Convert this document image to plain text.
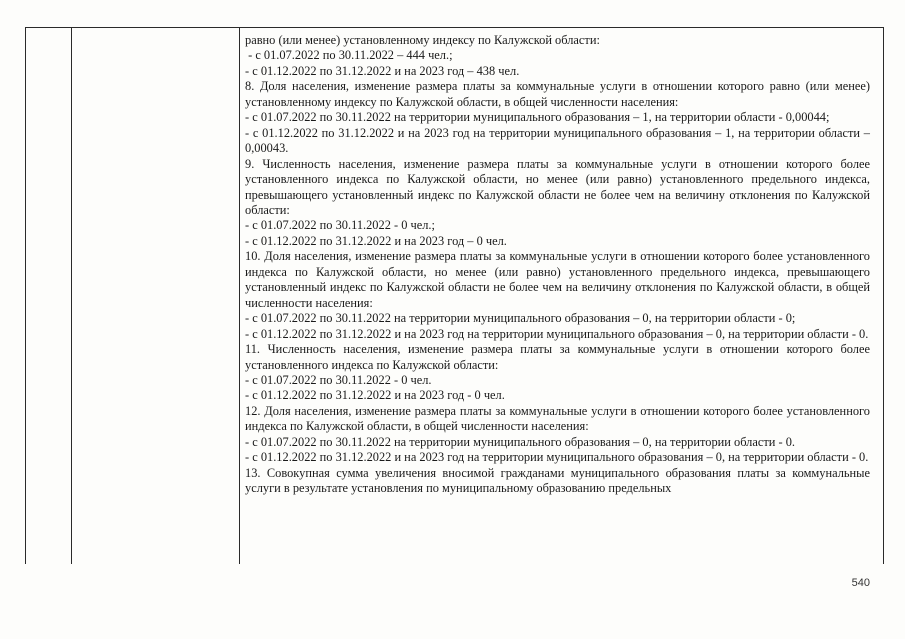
равно (или менее) установленному индексу по Калужской области:

- с 01.07.2022 по 30.11.2022 – 444 чел.;

- с 01.12.2022 по 31.12.2022 и на 2023 год – 438 чел.

8. Доля населения, изменение размера платы за коммунальные услуги в отношении которого равно (или менее) установленному индексу по Калужской области, в общей численности населения:

- с 01.07.2022 по 30.11.2022 на территории муниципального образования – 1, на территории области - 0,00044;

- с 01.12.2022 по 31.12.2022 и на 2023 год на территории муниципального образования – 1, на территории области – 0,00043.

9. Численность населения, изменение размера платы за коммунальные услуги в отношении которого более установленного индекса по Калужской области, но менее (или равно) установленного предельного индекса, превышающего установленный индекс по Калужской области не более чем на величину отклонения по Калужской области:

- с 01.07.2022 по 30.11.2022 - 0 чел.;

- с 01.12.2022 по 31.12.2022 и на 2023 год – 0 чел.

10. Доля населения, изменение размера платы за коммунальные услуги в отношении которого более установленного индекса по Калужской области, но менее (или равно) установленного предельного индекса, превышающего установленный индекс по Калужской области не более чем на величину отклонения по Калужской области, в общей численности населения:

- с 01.07.2022 по 30.11.2022 на территории муниципального образования – 0, на территории области - 0;

- с 01.12.2022 по 31.12.2022 и на 2023 год на территории муниципального образования – 0, на территории области - 0.

11. Численность населения, изменение размера платы за коммунальные услуги в отношении которого более установленного индекса по Калужской области:

- с 01.07.2022 по 30.11.2022 - 0 чел.

- с 01.12.2022 по 31.12.2022 и на 2023 год - 0 чел.

12. Доля населения, изменение размера платы за коммунальные услуги в отношении которого более установленного индекса по Калужской области, в общей численности населения:

- с 01.07.2022 по 30.11.2022 на территории муниципального образования – 0, на территории области - 0.

- с 01.12.2022 по 31.12.2022 и на 2023 год на территории муниципального образования – 0, на территории области - 0.

13. Совокупная сумма увеличения вносимой гражданами муниципального образования платы за коммунальные услуги в результате установления по муниципальному образованию предельных

540
